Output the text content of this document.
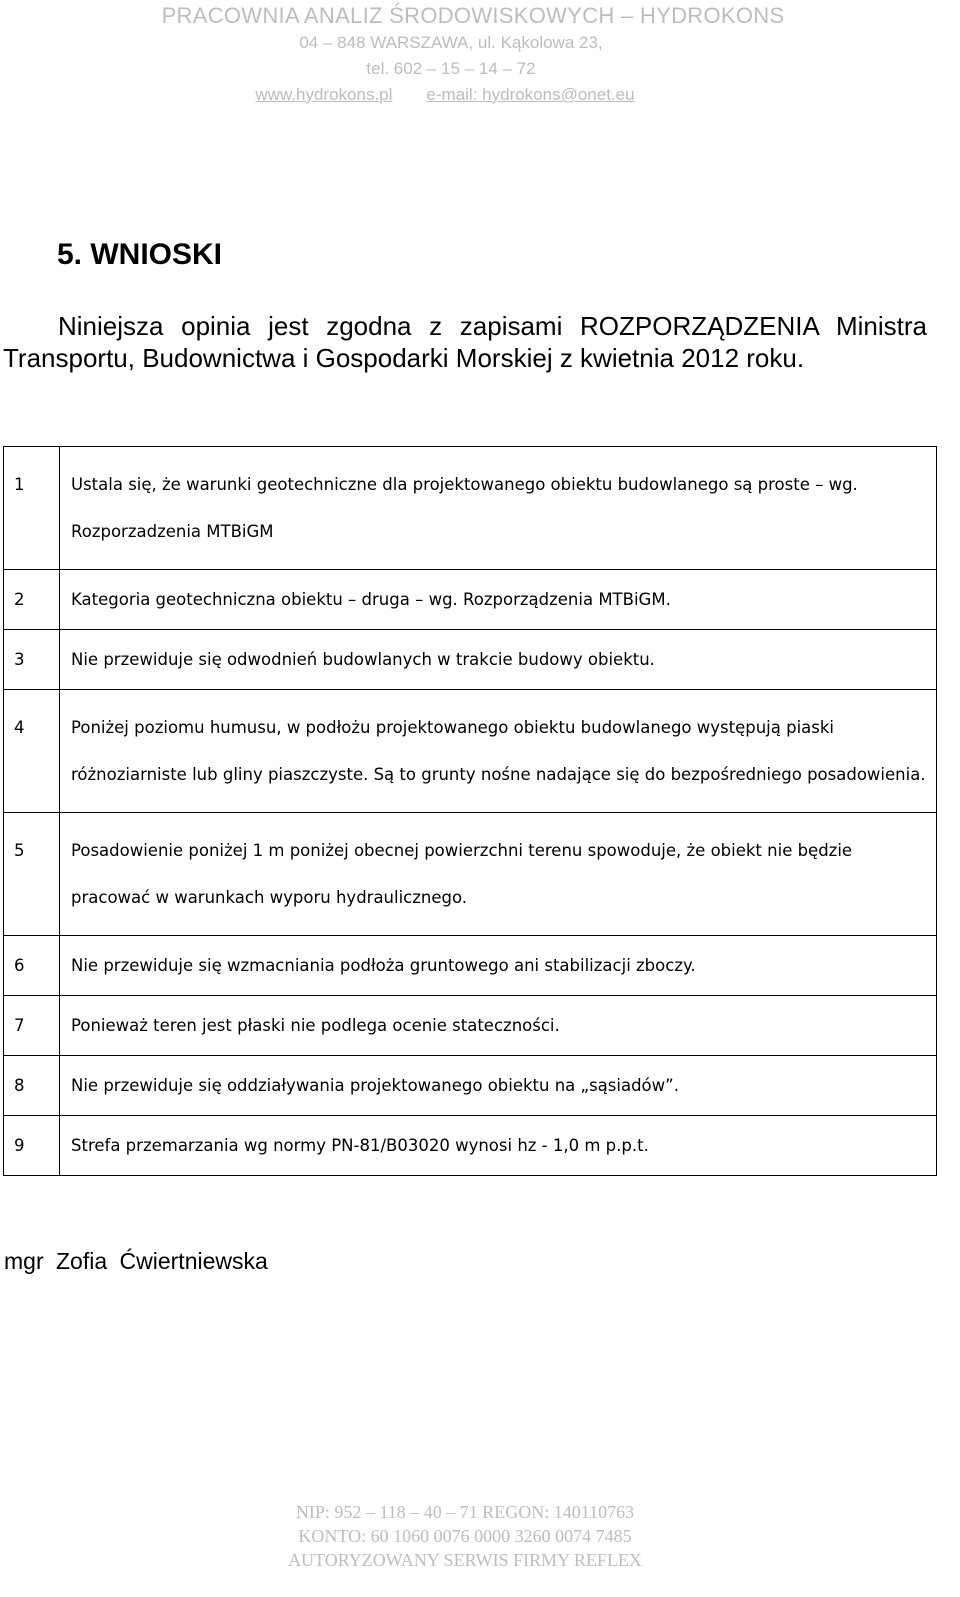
PRACOWNIA ANALIZ ŚRODOWISKOWYCH – HYDROKONS
04 – 848 WARSZAWA, ul. Kąkolowa 23,
tel. 602 – 15 – 14 – 72
www.hydrokons.pl e-mail: hydrokons@onet.eu
5. WNIOSKI

Niniejsza opinia jest zgodna z zapisami ROZPORZĄDZENIA Ministra Transportu, Budownictwa i Gospodarki Morskiej z kwietnia 2012 roku.

1	Ustala się, że warunki geotechniczne dla projektowanego obiektu budowlanego są proste – wg. Rozporzadzenia MTBiGM

2	Kategoria geotechniczna obiektu – druga – wg. Rozporządzenia MTBiGM.

3	Nie przewiduje się odwodnień budowlanych w trakcie budowy obiektu.

4	Poniżej poziomu humusu, w podłożu projektowanego obiektu budowlanego występują piaski różnoziarniste lub gliny piaszczyste. Są to grunty nośne nadające się do bezpośredniego posadowienia.

5	Posadowienie poniżej 1 m poniżej obecnej powierzchni terenu spowoduje, że obiekt nie będzie pracować w warunkach wyporu hydraulicznego.

6	Nie przewiduje się wzmacniania podłoża gruntowego ani stabilizacji zboczy.

7	Ponieważ teren jest płaski nie podlega ocenie stateczności.

8	Nie przewiduje się oddziaływania projektowanego obiektu na „sąsiadów”.

9	Strefa przemarzania wg normy PN-81/B03020 wynosi hz - 1,0 m p.p.t.

mgr Zofia Ćwiertniewska

NIP: 952 – 118 – 40 – 71 REGON: 140110763
KONTO: 60 1060 0076 0000 3260 0074 7485
AUTORYZOWANY SERWIS FIRMY REFLEX
